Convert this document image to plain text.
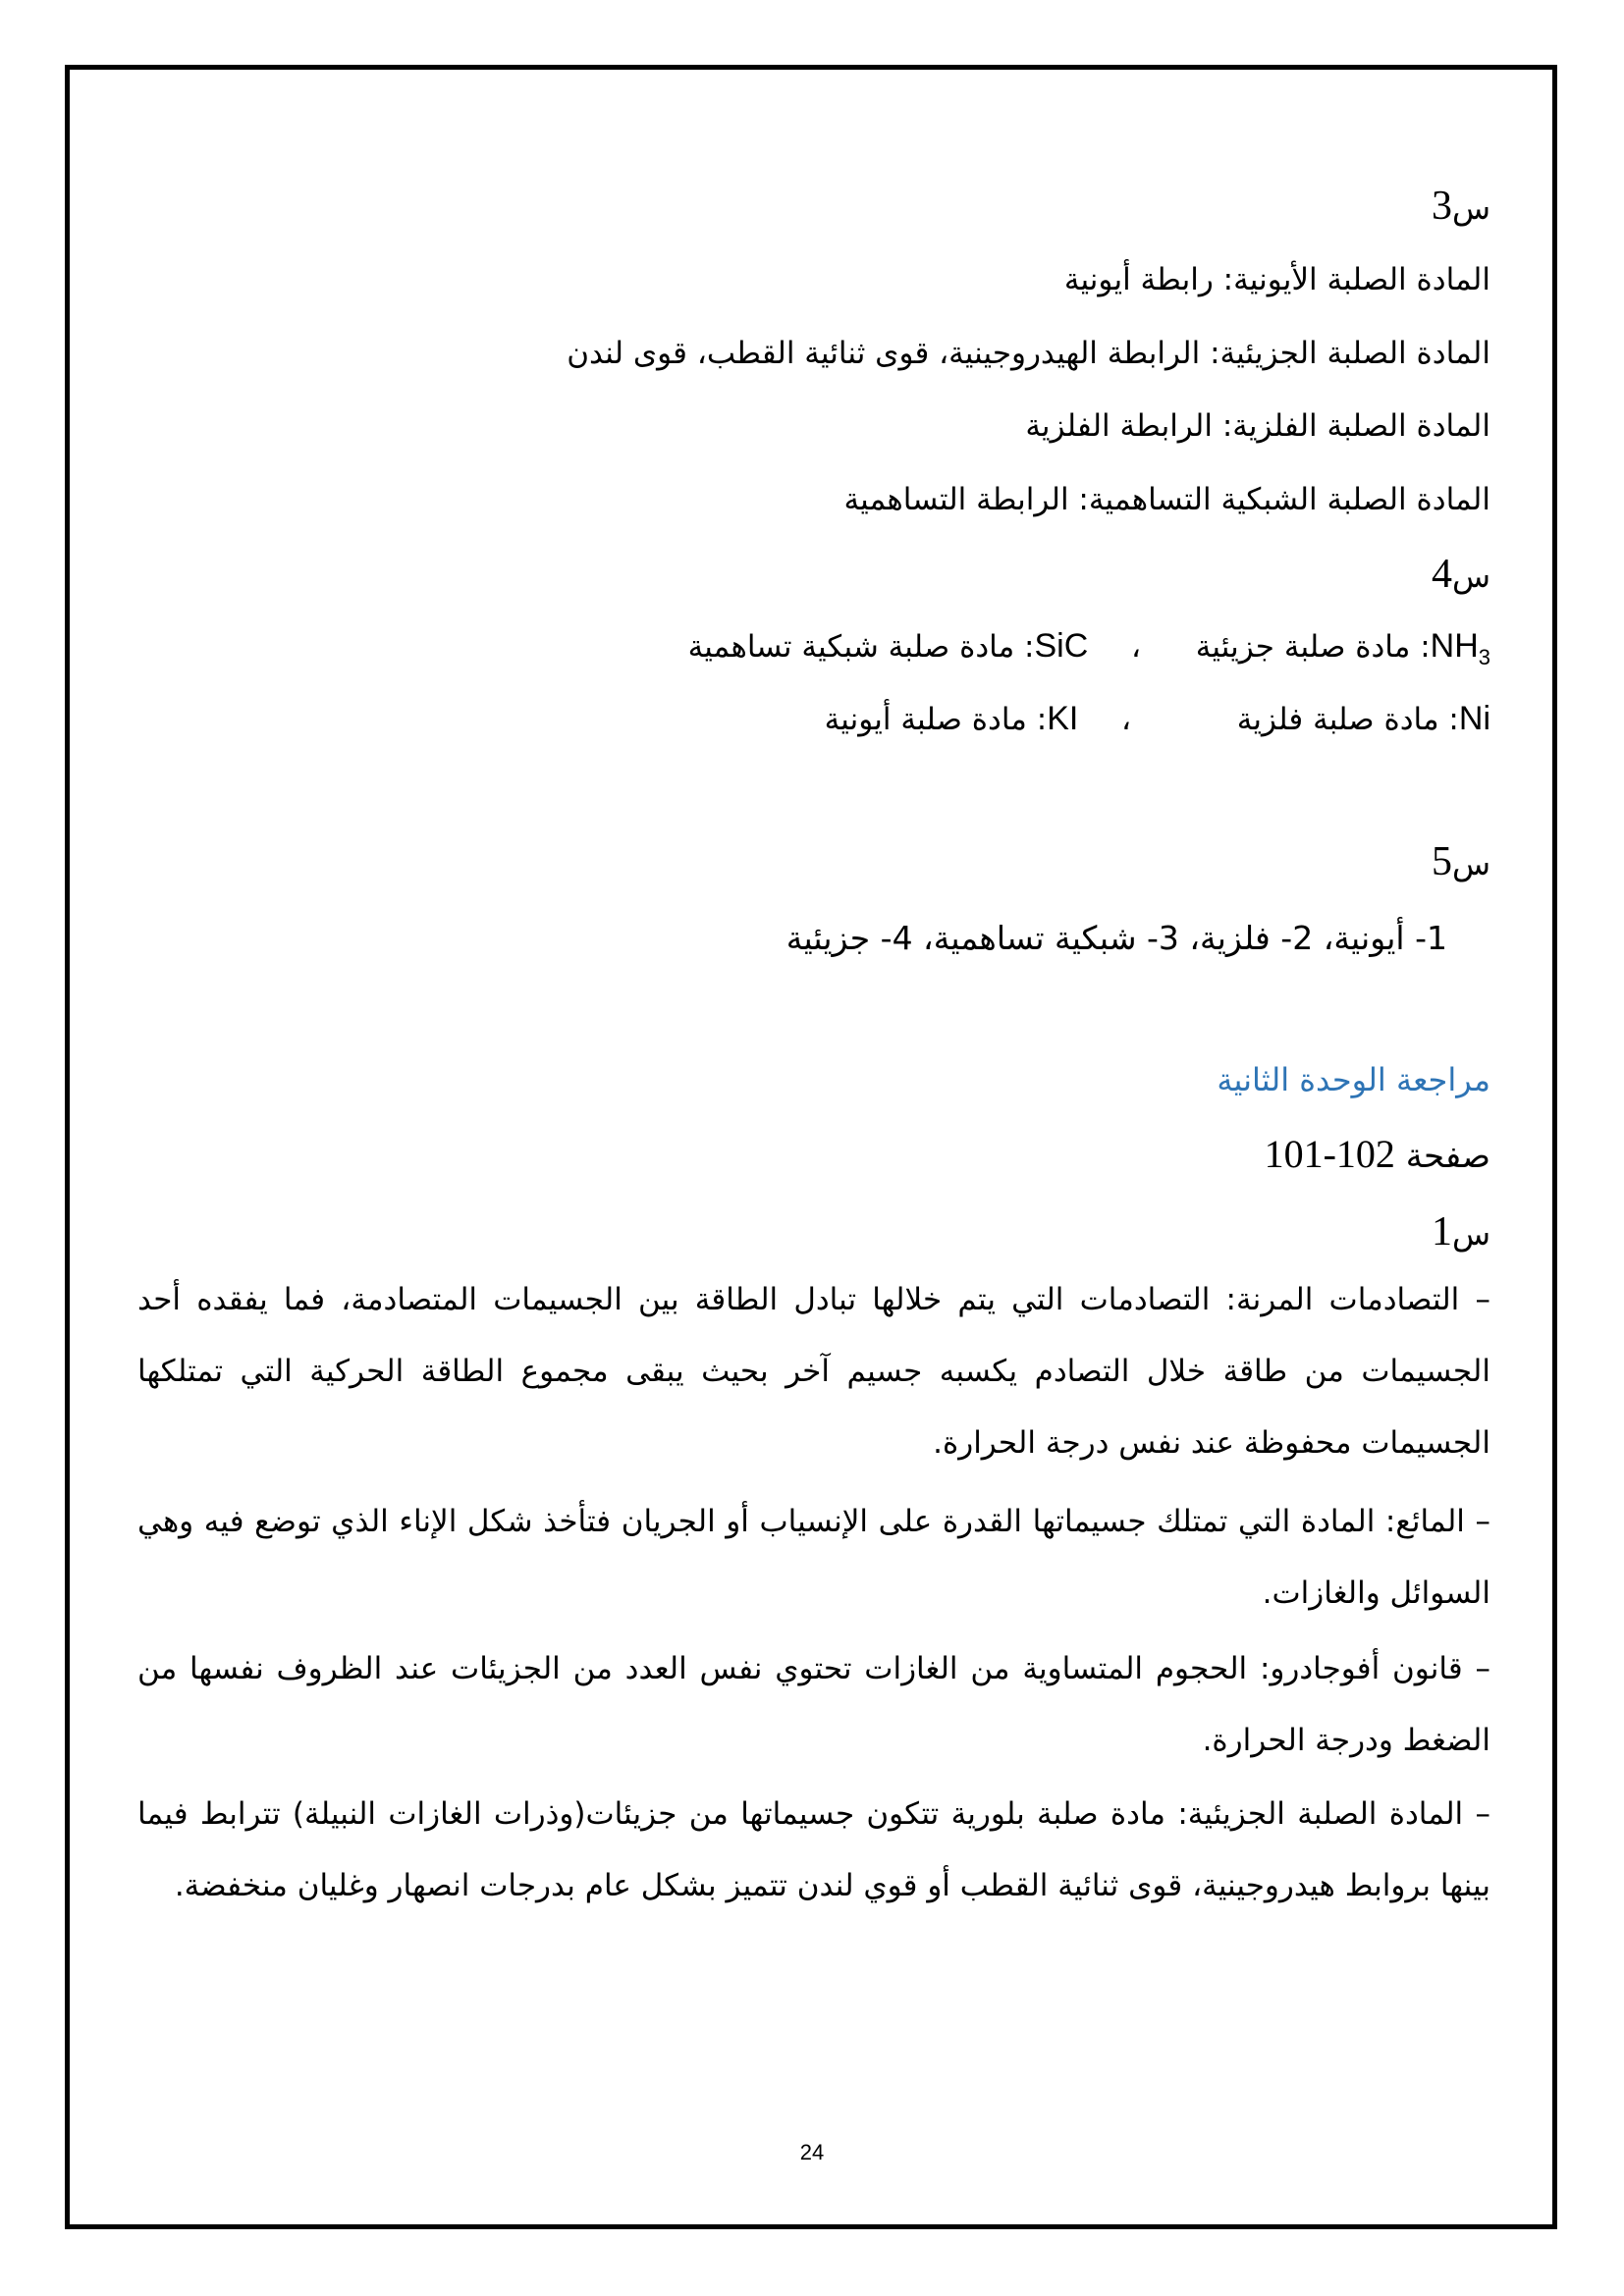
س3
المادة الصلبة الأيونية: رابطة أيونية
المادة الصلبة الجزيئية: الرابطة الهيدروجينية، قوى ثنائية القطب، قوى لندن
المادة الصلبة الفلزية: الرابطة الفلزية
المادة الصلبة الشبكية التساهمية: الرابطة التساهمية
س4
$NH_3$: مادة صلبة جزيئية  ،  SiC: مادة صلبة شبكية تساهمية
Ni: مادة صلبة فلزية  ،  KI: مادة صلبة أيونية
س5
1- أيونية، 2- فلزية، 3- شبكية تساهمية، 4- جزيئية
مراجعة الوحدة الثانية
صفحة 101-102
س1
– التصادمات المرنة: التصادمات التي يتم خلالها تبادل الطاقة بين الجسيمات المتصادمة، فما يفقده أحد الجسيمات من طاقة خلال التصادم يكسبه جسيم آخر بحيث يبقى مجموع الطاقة الحركية التي تمتلكها الجسيمات محفوظة عند نفس درجة الحرارة.
– المائع: المادة التي تمتلك جسيماتها القدرة على الإنسياب أو الجريان فتأخذ شكل الإناء الذي توضع فيه وهي السوائل والغازات.
– قانون أفوجادرو: الحجوم المتساوية من الغازات تحتوي نفس العدد من الجزيئات عند الظروف نفسها من الضغط ودرجة الحرارة.
– المادة الصلبة الجزيئية: مادة صلبة بلورية تتكون جسيماتها من جزيئات(وذرات الغازات النبيلة) تترابط فيما بينها بروابط هيدروجينية، قوى ثنائية القطب أو قوي لندن تتميز بشكل عام بدرجات انصهار وغليان منخفضة.
24
